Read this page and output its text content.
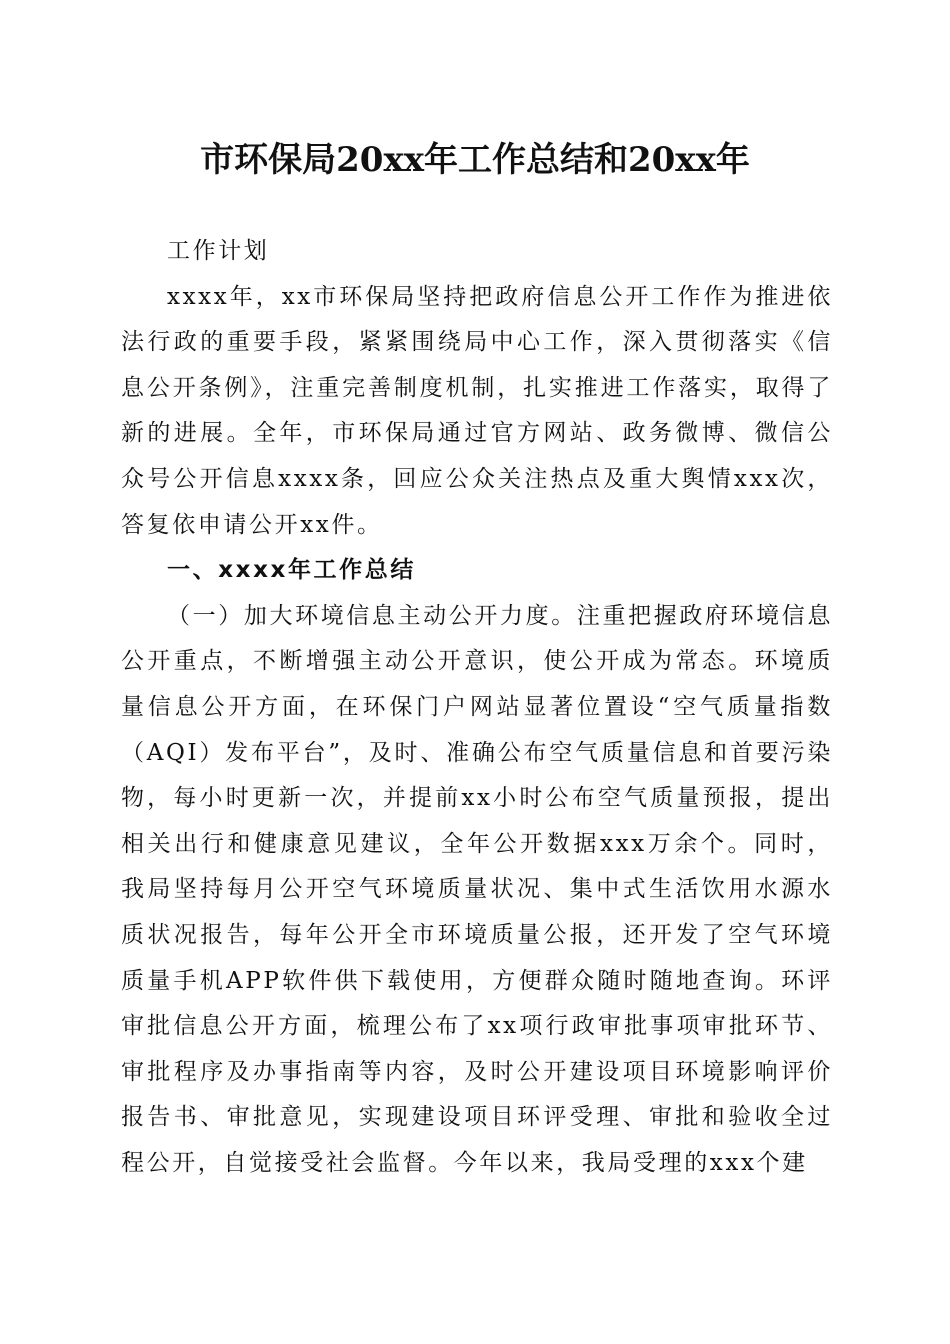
市环保局20xx年工作总结和20xx年

工作计划

xxxx年，xx市环保局坚持把政府信息公开工作作为推进依法行政的重要手段，紧紧围绕局中心工作，深入贯彻落实《信息公开条例》，注重完善制度机制，扎实推进工作落实，取得了新的进展。全年，市环保局通过官方网站、政务微博、微信公众号公开信息xxxx条，回应公众关注热点及重大舆情xxx次，答复依申请公开xx件。

一、xxxx年工作总结

（一）加大环境信息主动公开力度。注重把握政府环境信息公开重点，不断增强主动公开意识，使公开成为常态。环境质量信息公开方面，在环保门户网站显著位置设“空气质量指数（AQI）发布平台”，及时、准确公布空气质量信息和首要污染物，每小时更新一次，并提前xx小时公布空气质量预报，提出相关出行和健康意见建议，全年公开数据xxx万余个。同时，我局坚持每月公开空气环境质量状况、集中式生活饮用水源水质状况报告，每年公开全市环境质量公报，还开发了空气环境质量手机APP软件供下载使用，方便群众随时随地查询。环评审批信息公开方面，梳理公布了xx项行政审批事项审批环节、审批程序及办事指南等内容，及时公开建设项目环境影响评价报告书、审批意见，实现建设项目环评受理、审批和验收全过程公开，自觉接受社会监督。今年以来，我局受理的xxx个建
